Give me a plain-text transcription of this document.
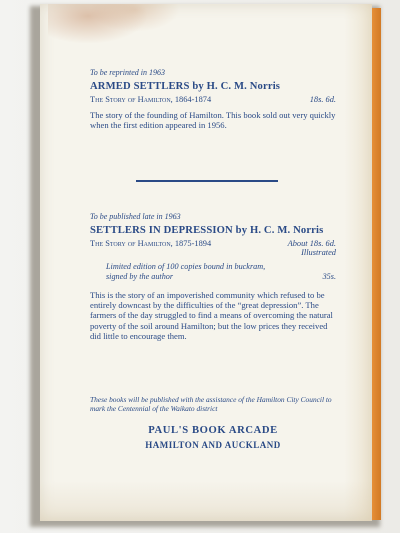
To be reprinted in 1963
ARMED SETTLERS by H. C. M. Norris
The Story of Hamilton, 1864-1874	18s. 6d.
The story of the founding of Hamilton. This book sold out very quickly when the first edition appeared in 1956.
To be published late in 1963
SETTLERS IN DEPRESSION by H. C. M. Norris
The Story of Hamilton, 1875-1894	About 18s. 6d.
Illustrated
Limited edition of 100 copies bound in buckram,
signed by the author	35s.
This is the story of an impoverished community which refused to be entirely downcast by the difficulties of the “great depression”. The farmers of the day struggled to find a means of overcoming the natural poverty of the soil around Hamilton; but the low prices they received did little to encourage them.
These books will be published with the assistance of the Hamilton City Council to mark the Centennial of the Waikato district
PAUL'S BOOK ARCADE
HAMILTON AND AUCKLAND
